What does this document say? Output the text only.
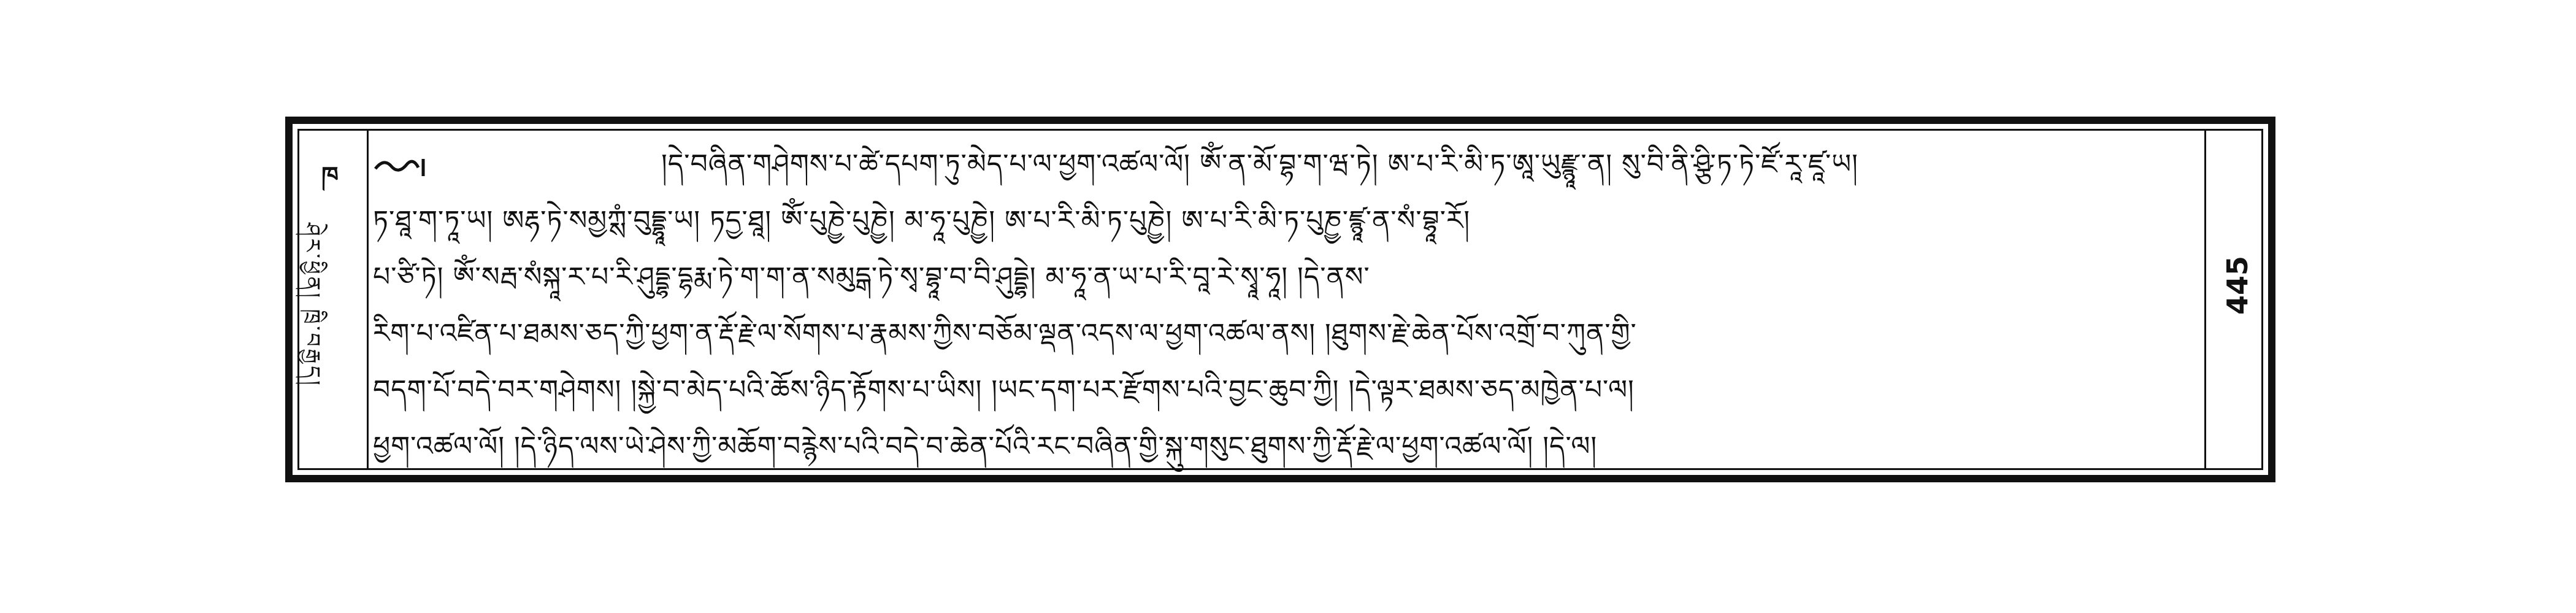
ཁ
ཤེར་ཕྱིན། ཁྲི་བརྒྱད།
།དེ་བཞིན་གཤེགས་པ་ཚེ་དཔག་ཏུ་མེད་པ་ལ་ཕྱག་འཚལ་ལོ། ཨོཾ་ན་མོ་བྷ་ག་ཝ་ཏེ། ཨ་པ་རི་མི་ཏ་ཨཱ་ཡུརྫྙཱ་ན། སུ་བི་ནི་ཤྩི་ཏ་ཏེ་ཛོ་རཱ་ཛཱ་ཡ།
ཏ་ཐཱ་ག་ཏཱ་ཡ། ཨརྷ་ཏེ་སམྱཀྶཾ་བུདྡྷཱ་ཡ། ཏདྱ་ཐཱ། ཨོཾ་པུཎྱེ་པུཎྱེ། མ་ཧཱ་པུཎྱེ། ཨ་པ་རི་མི་ཏ་པུཎྱེ། ཨ་པ་རི་མི་ཏ་པུཎྱ་ཛྙཱ་ན་སཾ་བྷཱ་རོ།
པ་ཙི་ཏེ། ཨོཾ་སརྦ་སཾསྐཱ་ར་པ་རི་ཤུདྡྷ་དྷརྨ་ཏེ་ག་ག་ན་སམུདྒ་ཏེ་སྭ་བྷཱ་བ་བི་ཤུདྡྷེ། མ་ཧཱ་ན་ཡ་པ་རི་བཱ་རེ་སྭཱ་ཧཱ། །དེ་ནས་
རིག་པ་འཛིན་པ་ཐམས་ཅད་ཀྱི་ཕྱག་ན་རྡོ་རྗེ་ལ་སོགས་པ་རྣམས་ཀྱིས་བཅོམ་ལྡན་འདས་ལ་ཕྱག་འཚལ་ནས། །ཐུགས་རྗེ་ཆེན་པོས་འགྲོ་བ་ཀུན་གྱི་
བདག་པོ་བདེ་བར་གཤེགས། །སྐྱེ་བ་མེད་པའི་ཆོས་ཉིད་རྟོགས་པ་ཡིས། །ཡང་དག་པར་རྫོགས་པའི་བྱང་ཆུབ་ཀྱི། །དེ་ལྟར་ཐམས་ཅད་མཁྱེན་པ་ལ།
ཕྱག་འཚལ་ལོ། །དེ་ཉིད་ལས་ཡེ་ཤེས་ཀྱི་མཆོག་བརྙེས་པའི་བདེ་བ་ཆེན་པོའི་རང་བཞིན་གྱི་སྐུ་གསུང་ཐུགས་ཀྱི་རྡོ་རྗེ་ལ་ཕྱག་འཚལ་ལོ། །དེ་ལ།
445
